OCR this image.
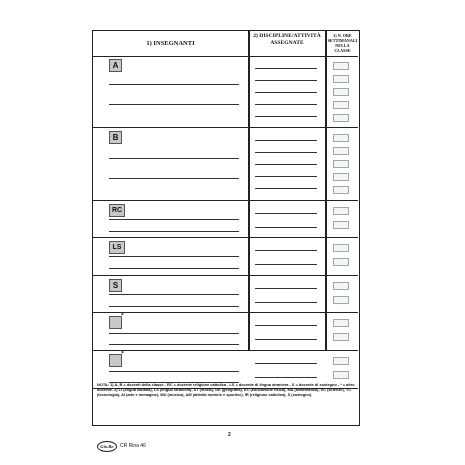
1) INSEGNANTI
2) DISCIPLINE/ATTIVITÀ ASSEGNATE
3) N. ORE SETTIMANALI NELLA CLASSE
A
B
RC
LS
S
*
*
NOTA: 1) A, B = docenti della classe - RC = docente religione cattolica - LS = docente di lingua straniera - S = docente di sostegno - * = altro docente. 2) LI (lingua italiana), LS (lingua straniera), ST (storia), GE (geografia), EC (educazione fisica), MA (matematica), SC (scienze), TC (tecnologia), AI (arte e immagine), MU (musica), AM (attività motorie e sportive), IR (religione cattolica), S (sostegno).
2
Gio.Ro	CR Rina 46
